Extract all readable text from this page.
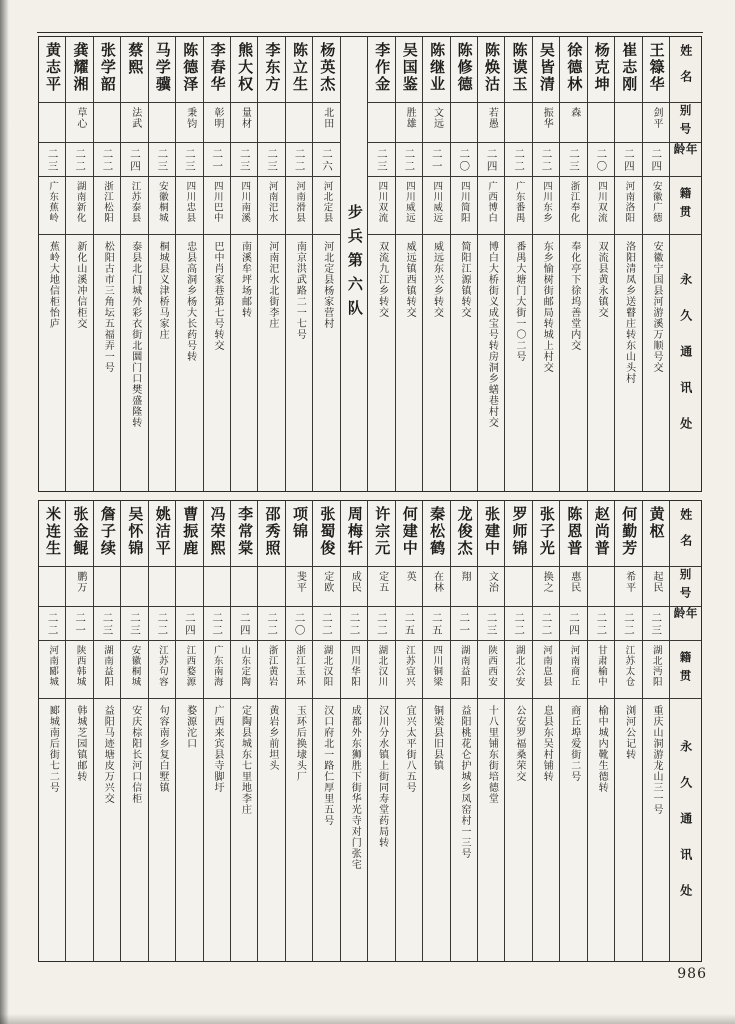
姓名
别号
年龄
籍贯
永久通讯处
王簶华
剑平
二四
安徽广德
安徽宁国县河游溪万顺号交
崔志刚
二四
河南洛阳
洛阳清凤乡送瞽庄转东山头村
杨克坤
二〇
四川双流
双流县黄永镇交
徐德林
森
二三
浙江奉化
奉化亭下徐坞善堂内交
吴皆清
振华
二二
四川东乡
东乡愉树街邮局转城上村交
陈谟玉
二二
广东番禺
番禺大塘门大街一〇二号
陈焕沽
若愚
二四
广西博白
博白大桥街义成宝号转房洞乡蟮巷村交
陈修德
二〇
四川简阳
简阳江源镇转交
陈继业
文远
二一
四川威远
威远东兴乡转交
吴国鉴
胜雄
二二
四川威远
威远镇西镇转交
李作金
二三
四川双流
双流九江乡转交
步兵第六队
杨英杰
北田
二六
河北定县
河北定县杨家营村
陈立生
二二
河南滑县
南京洪武路二一七号
李东方
二三
河南汜水
河南汜水北街李庄
熊大权
量材
二三
四川南溪
南溪牟坪场邮转
李春华
彰明
二一
四川巴中
巴中肖家巷第七号转交
陈德泽
秉钧
二三
四川忠县
忠县高洞乡杨大长药号转
马学骥
二三
安徽桐城
桐城县义津桥马家庄
蔡熙
法武
二四
江苏泰县
泰县北门城外彩衣街北圜门口樊盛隆转
张学韶
二二
浙江松阳
松阳古市三角坛五福弄一号
龚耀湘
草心
二二
湖南新化
新化山溪冲信柜交
黄志平
二三
广东蕉岭
蕉岭大地信柜怡庐
姓名
别号
年龄
籍贯
永久通讯处
黄枢
起民
二三
湖北沔阳
重庆山洞游龙山三一号
何勤芳
希平
二二
江苏太仓
浏河公记转
赵尚普
二二
甘肃榆中
榆中城内靴生德转
陈恩普
惠民
二四
河南商丘
商丘埠爱街二号
张子光
换之
二二
河南息县
息县东吴村铺转
罗师锦
二二
湖北公安
公安罗福桑荣交
张建中
文治
二三
陕西西安
十八里铺东街培德堂
龙俊杰
翔
二一
湖南益阳
益阳桃花仑护城乡凤窑村一三号
秦松鹤
在林
二五
四川铜梁
铜梁县旧县镇
何建中
英
二五
江苏宜兴
宜兴太平街八五号
许宗元
定五
二二
湖北汉川
汉川分水镇上街同寿堂药局转
周梅轩
成民
二二
四川华阳
成都外东狮胜下街华光寺对门张宅
张蜀俊
定欧
二二
湖北汉阳
汉口府北一路仁厚里五号
项锦
斐平
二〇
浙江玉环
玉环后换埭头厂
邵秀照
二二
浙江黄岩
黄岩乡前坦头
李常棠
二四
山东定陶
定陶县城东七里地李庄
冯荣熙
二二
广东南海
广西来宾县寺脚圩
曹振鹿
二四
江西婺源
婺源沱口
姚洁平
二二
江苏句容
句容南乡复白墅镇
吴怀锦
二三
安徽桐城
安庆棕阳长河口信柜
詹子续
二三
湖南益阳
益阳马迹塘皮万兴交
张金鲲
鹏万
二一
陕西韩城
韩城芝园镇邮转
米连生
二二
河南郾城
郾城南后街七二号
986
